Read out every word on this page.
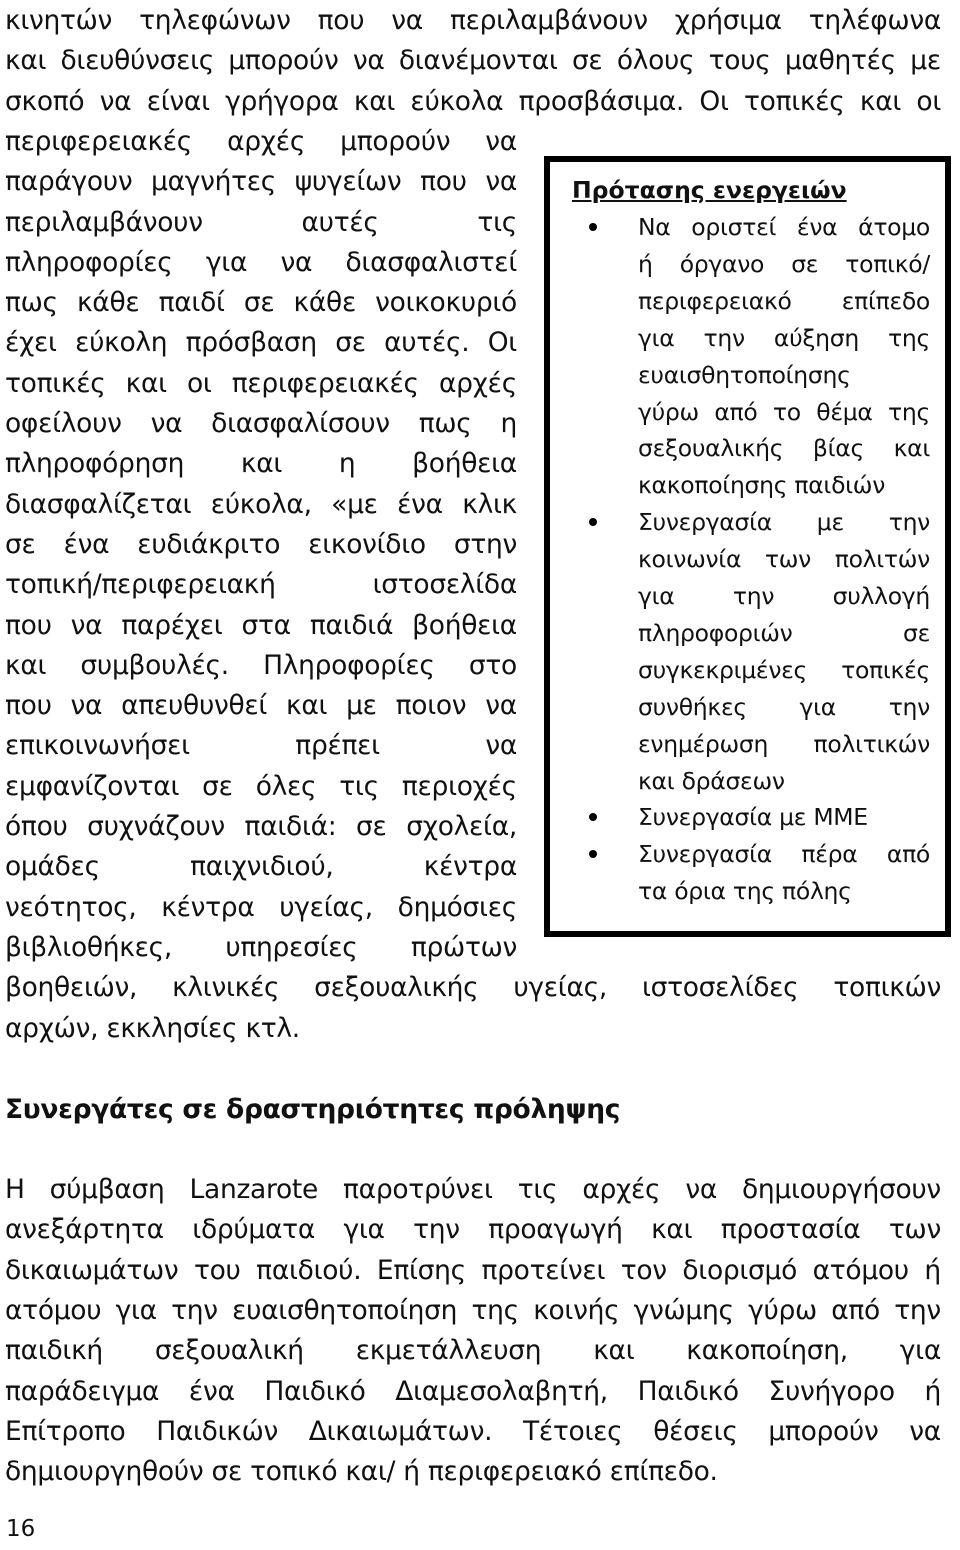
κινητών τηλεφώνων που να περιλαμβάνουν χρήσιμα τηλέφωνα
και διευθύνσεις μπορούν να διανέμονται σε όλους τους μαθητές με
σκοπό να είναι γρήγορα και εύκολα προσβάσιμα. Οι τοπικές και οι
περιφερειακές αρχές μπορούν να
παράγουν μαγνήτες ψυγείων που να
περιλαμβάνουν	αυτές	τις
πληροφορίες για να διασφαλιστεί
πως κάθε παιδί σε κάθε νοικοκυριό
έχει εύκολη πρόσβαση σε αυτές. Οι
τοπικές και οι περιφερειακές αρχές
οφείλουν να διασφαλίσουν πως η
πληροφόρηση και η βοήθεια
διασφαλίζεται εύκολα, «με ένα κλικ
σε ένα ευδιάκριτο εικονίδιο στην
τοπική/περιφερειακή	ιστοσελίδα
που να παρέχει στα παιδιά βοήθεια
και συμβουλές. Πληροφορίες στο
που να απευθυνθεί και με ποιον να
επικοινωνήσει	πρέπει	να
εμφανίζονται σε όλες τις περιοχές
όπου συχνάζουν παιδιά: σε σχολεία,
ομάδες	παιχνιδιού,	κέντρα
νεότητος, κέντρα υγείας, δημόσιες
βιβλιοθήκες, υπηρεσίες πρώτων
βοηθειών, κλινικές σεξουαλικής υγείας, ιστοσελίδες τοπικών
αρχών, εκκλησίες κτλ.
Πρότασης ενεργειών
Να οριστεί ένα άτομο
ή όργανο σε τοπικό/
περιφερειακό επίπεδο
για την αύξηση της
ευαισθητοποίησης
γύρω από το θέμα της
σεξουαλικής βίας και
κακοποίησης παιδιών
Συνεργασία με την
κοινωνία των πολιτών
για την συλλογή
πληροφοριών	σε
συγκεκριμένες τοπικές
συνθήκες για την
ενημέρωση πολιτικών
και δράσεων
Συνεργασία με ΜΜΕ
Συνεργασία πέρα από
τα όρια της πόλης
Συνεργάτες σε δραστηριότητες πρόληψης
Η σύμβαση Lanzarote παροτρύνει τις αρχές να δημιουργήσουν
ανεξάρτητα ιδρύματα για την προαγωγή και προστασία των
δικαιωμάτων του παιδιού. Επίσης προτείνει τον διορισμό ατόμου ή
ατόμου για την ευαισθητοποίηση της κοινής γνώμης γύρω από την
παιδική σεξουαλική εκμετάλλευση και κακοποίηση, για
παράδειγμα ένα Παιδικό Διαμεσολαβητή, Παιδικό Συνήγορο ή
Επίτροπο Παιδικών Δικαιωμάτων. Τέτοιες θέσεις μπορούν να
δημιουργηθούν σε τοπικό και/ ή περιφερειακό επίπεδο.
16
